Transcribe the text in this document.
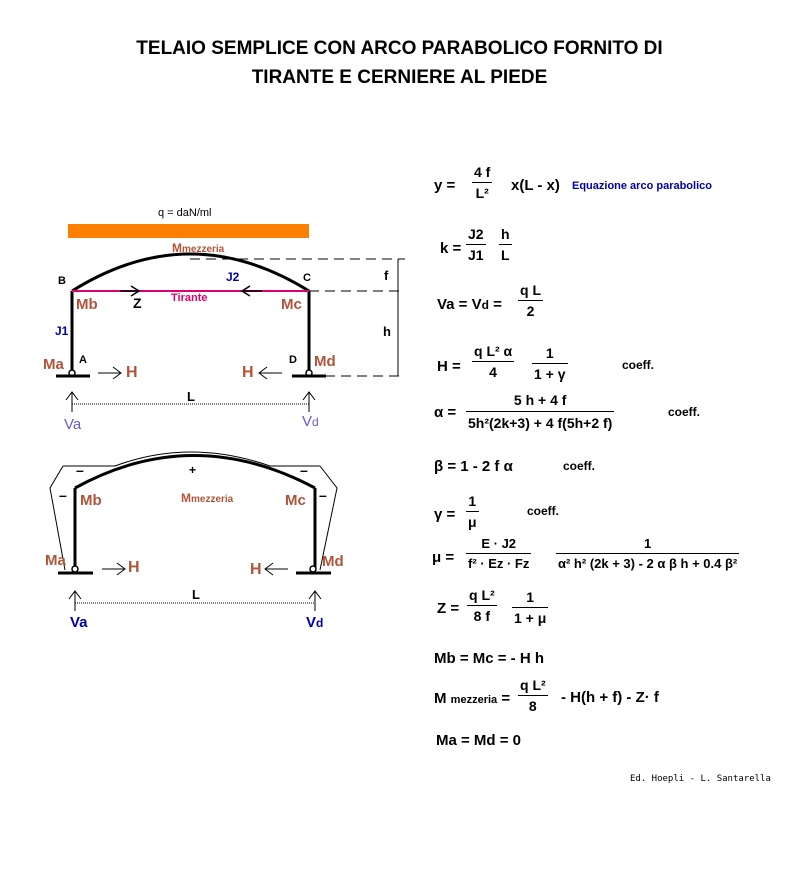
TELAIO SEMPLICE CON ARCO PARABOLICO FORNITO DI
TIRANTE E CERNIERE AL PIEDE
q = daN/ml
Mmezzeria
B	C
J2	f
Mb	Z	Tirante	Mc
J1	h
A	D
Ma	Md
H	H
L
Va	Vd
–	+	–
– Mb	Mmezzeria	Mc –
Ma	Md
H	H
L
Va	Vd
y =
4 f
L² x(L - x) Equazione arco parabolico
k =
J2
J1
h
L
Va = Vd =
q L
2
H =
q L² α
4
1
1 + γ
coeff.
α =
5 h + 4 f
5h²(2k+3) + 4 f(5h+2 f)
coeff.
β = 1 - 2 f α	coeff.
γ =
1
μ
coeff.
μ =
E · J2
f² · Ez · Fz
1
α² h² (2k + 3) - 2 α β h + 0.4 β²
Z =
q L²
8 f
1
1 + μ
Mb = Mc = - H h
M mezzeria =
q L²
8 - H(h + f) - Z· f
Ma = Md = 0
Ed. Hoepli - L. Santarella
